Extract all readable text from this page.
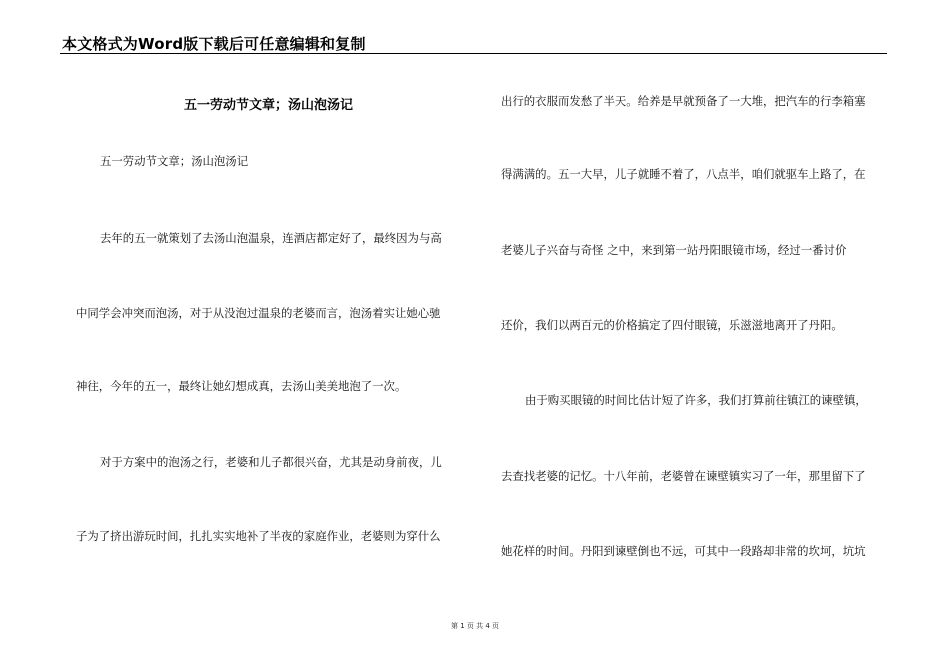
本文格式为Word版下载后可任意编辑和复制
五一劳动节文章；汤山泡汤记
五一劳动节文章；汤山泡汤记
去年的五一就策划了去汤山泡温泉，连酒店都定好了，最终因为与高
中同学会冲突而泡汤，对于从没泡过温泉的老婆而言，泡汤着实让她心驰
神往，今年的五一，最终让她幻想成真，去汤山美美地泡了一次。
对于方案中的泡汤之行，老婆和儿子都很兴奋，尤其是动身前夜，儿
子为了挤出游玩时间，扎扎实实地补了半夜的家庭作业，老婆则为穿什么
出行的衣服而发愁了半天。给养是早就预备了一大堆，把汽车的行李箱塞
得满满的。五一大早，儿子就睡不着了，八点半，咱们就驱车上路了，在
老婆儿子兴奋与奇怪 之中，来到第一站丹阳眼镜市场，经过一番讨价
还价，我们以两百元的价格搞定了四付眼镜，乐滋滋地离开了丹阳。
由于购买眼镜的时间比估计短了许多，我们打算前往镇江的谏壁镇，
去查找老婆的记忆。十八年前，老婆曾在谏壁镇实习了一年，那里留下了
她花样的时间。丹阳到谏壁倒也不远，可其中一段路却非常的坎坷，坑坑
第 1 页 共 4 页
